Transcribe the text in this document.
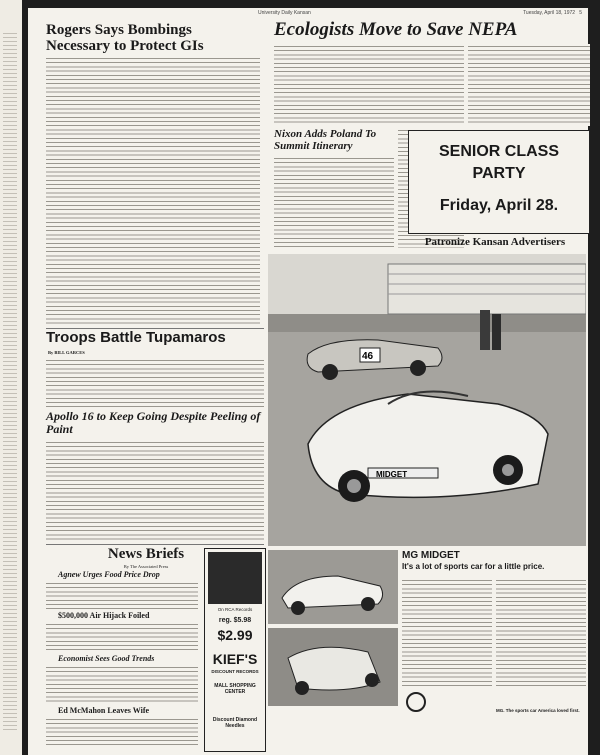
University Daily Kansan	Tuesday, April 18, 1972 5
Rogers Says Bombings Necessary to Protect GIs
Ecologists Move to Save NEPA
Nixon Adds Poland To Summit Itinerary	SENIOR CLASS
PARTY
Friday, April 28.
Patronize Kansan Advertisers
46
MIDGET
MG MIDGET
It's a lot of sports car for a little price.
MG. The sports car America loved first.
Troops Battle Tupamaros
By BILL GARCES
Apollo 16 to Keep Going Despite Peeling of Paint
News Briefs
By The Associated Press
Agnew Urges Food Price Drop
$500,000 Air Hijack Foiled
Economist Sees Good Trends
Ed McMahon Leaves Wife
On RCA Records
reg. $5.98
$2.99
KIEF'S
DISCOUNT RECORDS
MALL SHOPPING CENTER
Discount Diamond Needles
